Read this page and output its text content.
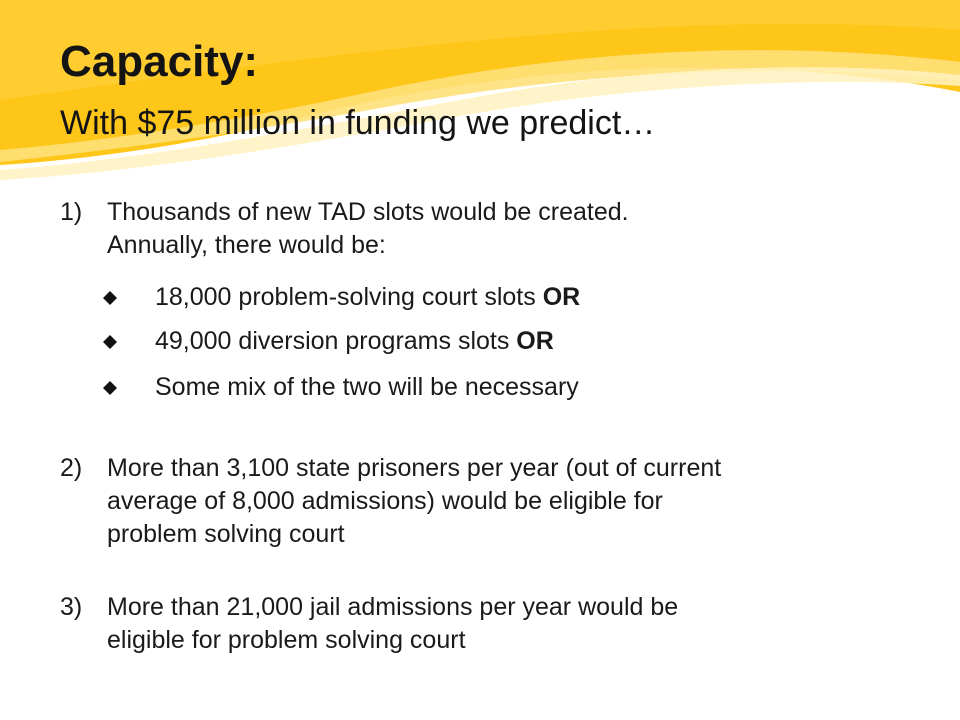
Capacity:
With $75 million in funding we predict…
1) Thousands of new TAD slots would be created.
Annually, there would be:
18,000 problem-solving court slots OR
49,000 diversion programs slots OR
Some mix of the two will be necessary
2) More than 3,100 state prisoners per year (out of current
average of 8,000 admissions) would be eligible for
problem solving court
3) More than 21,000 jail admissions per year would be
eligible for problem solving court
